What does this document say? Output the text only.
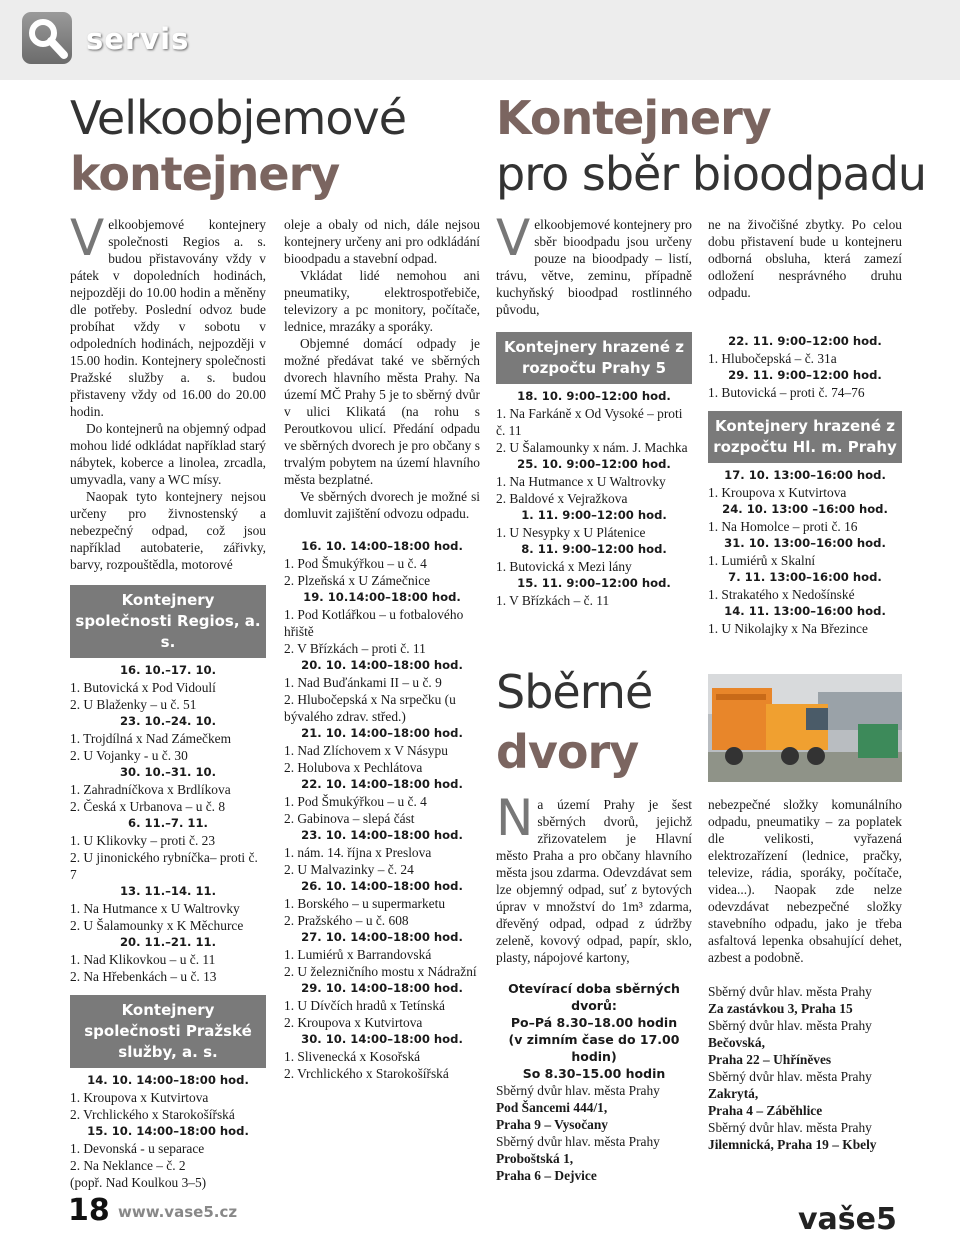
servis
Velkoobjemové
kontejnery
Kontejnery
pro sběr bioodpadu

Velkoobjemové kontejnery společnosti Regios a. s. budou přistavovány vždy v pátek v dopoledních hodinách, nejpozději do 10.00 hodin a měněny dle potřeby. Poslední odvoz bude probíhat vždy v sobotu v odpoledních hodinách, nejpozději v 15.00 hodin. Kontejnery společnosti Pražské služby a. s. budou přistaveny vždy od 16.00 do 20.00 hodin.

Do kontejnerů na objemný odpad mohou lidé odkládat například starý nábytek, koberce a linolea, zrcadla, umyvadla, vany a WC mísy.

Naopak tyto kontejnery nejsou určeny pro živnostenský a nebezpečný odpad, což jsou například autobaterie, zářivky, barvy, rozpouštědla, motorové

Kontejnery společnosti Regios, a. s.
16. 10.–17. 10.
1. Butovická x Pod Vidoulí
2. U Blaženky – u č. 51
23. 10.–24. 10.
1. Trojdílná x Nad Zámečkem
2. U Vojanky - u č. 30
30. 10.–31. 10.
1. Zahradníčkova x Brdlíkova
2. Česká x Urbanova – u č. 8
6. 11.–7. 11.
1. U Klikovky – proti č. 23
2. U jinonického rybníčka– proti č. 7
13. 11.–14. 11.
1. Na Hutmance x U Waltrovky
2. U Šalamounky x K Měchurce
20. 11.–21. 11.
1. Nad Klikovkou – u č. 11
2. Na Hřebenkách – u č. 13
Kontejnery společnosti Pražské služby, a. s.
14. 10. 14:00–18:00 hod.
1. Kroupova x Kutvirtova
2. Vrchlického x Starokošířská
15. 10. 14:00–18:00 hod.
1. Devonská - u separace
2. Na Neklance – č. 2
(popř. Nad Koulkou 3–5)

oleje a obaly od nich, dále nejsou kontejnery určeny ani pro odkládání bioodpadu a stavební odpad.

Vkládat lidé nemohou ani pneumatiky, elektrospotřebiče, televizory a pc monitory, počítače, lednice, mrazáky a sporáky.

Objemné domácí odpady je možné předávat také ve sběrných dvorech hlavního města Prahy. Na území MČ Prahy 5 je to sběrný dvůr v ulici Klikatá (na rohu s Peroutkovou ulicí. Předání odpadu ve sběrných dvorech je pro občany s trvalým pobytem na území hlavního města bezplatné.

Ve sběrných dvorech je možné si domluvit zajištění odvozu odpadu.

16. 10. 14:00–18:00 hod.
1. Pod Šmukýřkou – u č. 4
2. Plzeňská x U Zámečnice
19. 10.14:00–18:00 hod.
1. Pod Kotlářkou – u fotbalového hřiště
2. V Břízkách – proti č. 11
20. 10. 14:00–18:00 hod.
1. Nad Buďánkami II – u č. 9
2. Hlubočepská x Na srpečku (u bývalého zdrav. střed.)
21. 10. 14:00–18:00 hod.
1. Nad Zlíchovem x V Násypu
2. Holubova x Pechlátova
22. 10. 14:00–18:00 hod.
1. Pod Šmukýřkou – u č. 4
2. Gabinova – slepá část
23. 10. 14:00–18:00 hod.
1. nám. 14. října x Preslova
2. U Malvazinky – č. 24
26. 10. 14:00–18:00 hod.
1. Borského – u supermarketu
2. Pražského – u č. 608
27. 10. 14:00–18:00 hod.
1. Lumiérů x Barrandovská
2. U železničního mostu x Nádražní
29. 10. 14:00–18:00 hod.
1. U Dívčích hradů x Tetínská
2. Kroupova x Kutvirtova
30. 10. 14:00–18:00 hod.
1. Slivenecká x Kosořská
2. Vrchlického x Starokošířská

Velkoobjemové kontejnery pro sběr bioodpadu jsou určeny pouze na bioodpady – listí, trávu, větve, zeminu, případně kuchyňský bioodpad rostlinného původu,

Kontejnery hrazené z rozpočtu Prahy 5
18. 10. 9:00–12:00 hod.
1. Na Farkáně x Od Vysoké – proti č. 11
2. U Šalamounky x nám. J. Machka
25. 10. 9:00–12:00 hod.
1. Na Hutmance x U Waltrovky
2. Baldové x Vejražkova
1. 11. 9:00–12:00 hod.
1. U Nesypky x U Plátenice
8. 11. 9:00–12:00 hod.
1. Butovická x Mezi lány
15. 11. 9:00–12:00 hod.
1. V Břízkách – č. 11

ne na živočišné zbytky. Po celou dobu přistavení bude u kontejneru odborná obsluha, která zamezí odložení nesprávného druhu odpadu.

22. 11. 9:00–12:00 hod.
1. Hlubočepská – č. 31a
29. 11. 9:00–12:00 hod.
1. Butovická – proti č. 74–76
Kontejnery hrazené z rozpočtu Hl. m. Prahy
17. 10. 13:00–16:00 hod.
1. Kroupova x Kutvirtova
24. 10. 13:00 –16:00 hod.
1. Na Homolce – proti č. 16
31. 10. 13:00–16:00 hod.
1. Lumiérů x Skalní
7. 11. 13:00–16:00 hod.
1. Strakatého x Nedošínské
14. 11. 13:00–16:00 hod.
1. U Nikolajky x Na Březince
Sběrné
dvory

Na území Prahy je šest sběrných dvorů, jejichž zřizovatelem je Hlavní město Praha a pro občany hlavního města jsou zdarma. Odevzdávat sem lze objemný odpad, suť z bytových úprav v množství do 1m³ zdarma, dřevěný odpad, odpad z údržby zeleně, kovový odpad, papír, sklo, plasty, nápojové kartony,

Otevírací doba sběrných dvorů:
Po–Pá 8.30–18.00 hodin
(v zimním čase do 17.00 hodin)
So 8.30–15.00 hodin

Sběrný dvůr hlav. města Prahy

Pod Šancemi 444/1,

Praha 9 – Vysočany

Sběrný dvůr hlav. města Prahy

Proboštská 1,

Praha 6 – Dejvice

nebezpečné složky komunálního odpadu, pneumatiky – za poplatek dle velikosti, vyřazená elektrozařízení (lednice, pračky, televize, rádia, sporáky, počítače, videa...). Naopak zde nelze odevzdávat nebezpečné složky stavebního odpadu, jako je třeba asfaltová lepenka obsahující dehet, azbest a podobně.

Sběrný dvůr hlav. města Prahy

Za zastávkou 3, Praha 15

Sběrný dvůr hlav. města Prahy

Bečovská,

Praha 22 – Uhříněves

Sběrný dvůr hlav. města Prahy

Zakrytá,

Praha 4 – Záběhlice

Sběrný dvůr hlav. města Prahy

Jilemnická, Praha 19 – Kbely

18 www.vase5.cz	vaše5
